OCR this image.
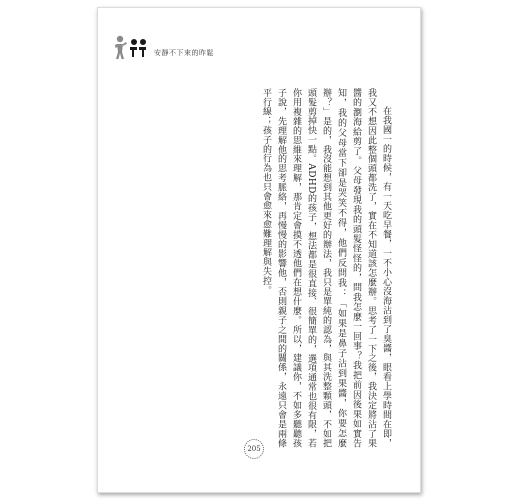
安靜不下來的昨鬆

在我國一的時候，有一天吃早餐，一不小心沒海沾到了臭醬，眼看上學時間在即，我又不想因此整個頭都洗了，實在不知道該怎麼辦。思考了一下之後，我決定將沾了果醬的瀏海給剪了。父母發現我的頭髮怪怪的，問我怎麼一回事？我把前因後果如實告知，我的父母當下卻是哭笑不得，他們反問我：「如果是鼻子沾到果醬，你要怎麼辦？」是的，我沒能想到其他更好的辦法，我只是單純的認為，與其洗整顆頭，不如把頭髮剪掉快一點。ADHD的孩子，想法都是很直接、很簡單的，選項通常也很有限，若你用複雜的思維來理解，那肯定會摸不透他們在想什麼。所以，建議你，不如多聽聽孩子說，先理解他的思考脈絡，再慢慢的影響他，否則親子之間的關係，永遠只會是兩條平行線；孩子的行為也只會愈來愈難理解與失控。

205
